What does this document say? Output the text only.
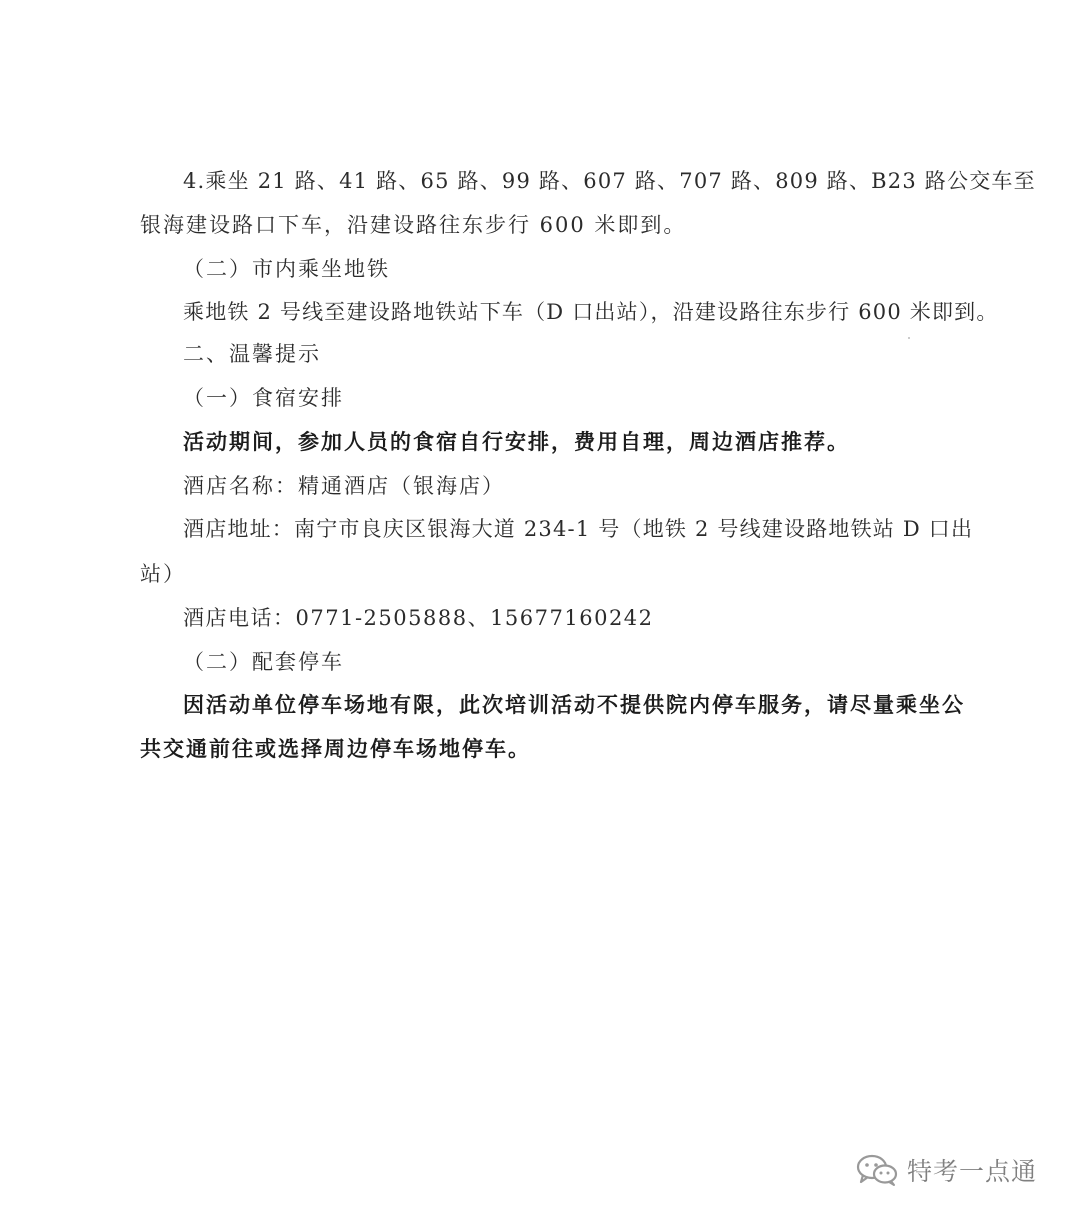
4.乘坐 21 路、41 路、65 路、99 路、607 路、707 路、809 路、B23 路公交车至
银海建设路口下车，沿建设路往东步行 600 米即到。
（二）市内乘坐地铁
乘地铁 2 号线至建设路地铁站下车（D 口出站），沿建设路往东步行 600 米即到。
二、温馨提示
（一）食宿安排
活动期间，参加人员的食宿自行安排，费用自理，周边酒店推荐。
酒店名称：精通酒店（银海店）
酒店地址：南宁市良庆区银海大道 234-1 号（地铁 2 号线建设路地铁站 D 口出
站）
酒店电话：0771-2505888、15677160242
（二）配套停车
因活动单位停车场地有限，此次培训活动不提供院内停车服务，请尽量乘坐公
共交通前往或选择周边停车场地停车。
特考一点通
